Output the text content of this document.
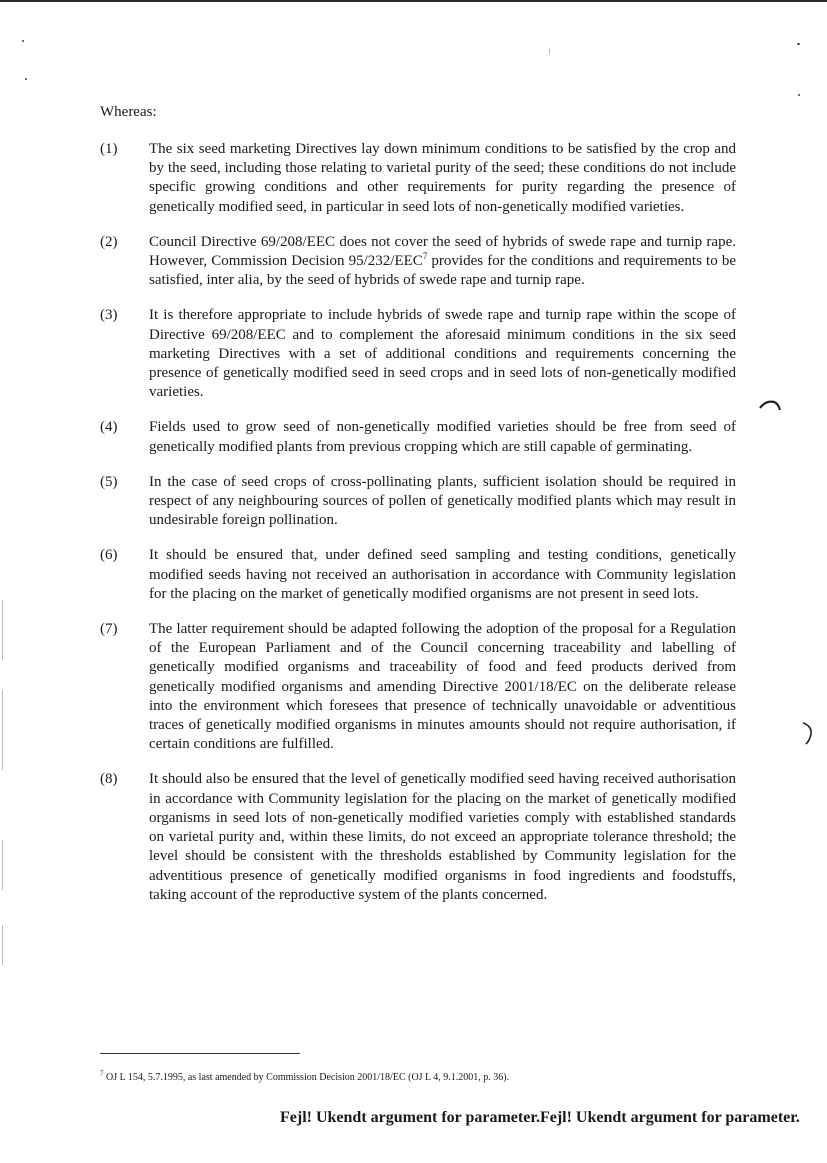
Whereas:

(1)	The six seed marketing Directives lay down minimum conditions to be satisfied by the crop and by the seed, including those relating to varietal purity of the seed; these conditions do not include specific growing conditions and other requirements for purity regarding the presence of genetically modified seed, in particular in seed lots of non-genetically modified varieties.
(2)	Council Directive 69/208/EEC does not cover the seed of hybrids of swede rape and turnip rape. However, Commission Decision 95/232/EEC$^7$ provides for the conditions and requirements to be satisfied, inter alia, by the seed of hybrids of swede rape and turnip rape.
(3)	It is therefore appropriate to include hybrids of swede rape and turnip rape within the scope of Directive 69/208/EEC and to complement the aforesaid minimum conditions in the six seed marketing Directives with a set of additional conditions and requirements concerning the presence of genetically modified seed in seed crops and in seed lots of non-genetically modified varieties.
(4)	Fields used to grow seed of non-genetically modified varieties should be free from seed of genetically modified plants from previous cropping which are still capable of germinating.
(5)	In the case of seed crops of cross-pollinating plants, sufficient isolation should be required in respect of any neighbouring sources of pollen of genetically modified plants which may result in undesirable foreign pollination.
(6)	It should be ensured that, under defined seed sampling and testing conditions, genetically modified seeds having not received an authorisation in accordance with Community legislation for the placing on the market of genetically modified organisms are not present in seed lots.
(7)	The latter requirement should be adapted following the adoption of the proposal for a Regulation of the European Parliament and of the Council concerning traceability and labelling of genetically modified organisms and traceability of food and feed products derived from genetically modified organisms and amending Directive 2001/18/EC on the deliberate release into the environment which foresees that presence of technically unavoidable or adventitious traces of genetically modified organisms in minutes amounts should not require authorisation, if certain conditions are fulfilled.
(8)	It should also be ensured that the level of genetically modified seed having received authorisation in accordance with Community legislation for the placing on the market of genetically modified organisms in seed lots of non-genetically modified varieties comply with established standards on varietal purity and, within these limits, do not exceed an appropriate tolerance threshold; the level should be consistent with the thresholds established by Community legislation for the adventitious presence of genetically modified organisms in food ingredients and foodstuffs, taking account of the reproductive system of the plants concerned.
$^7$ OJ L 154, 5.7.1995, as last amended by Commission Decision 2001/18/EC (OJ L 4, 9.1.2001, p. 36).
Fejl! Ukendt argument for parameter.Fejl! Ukendt argument for parameter.
